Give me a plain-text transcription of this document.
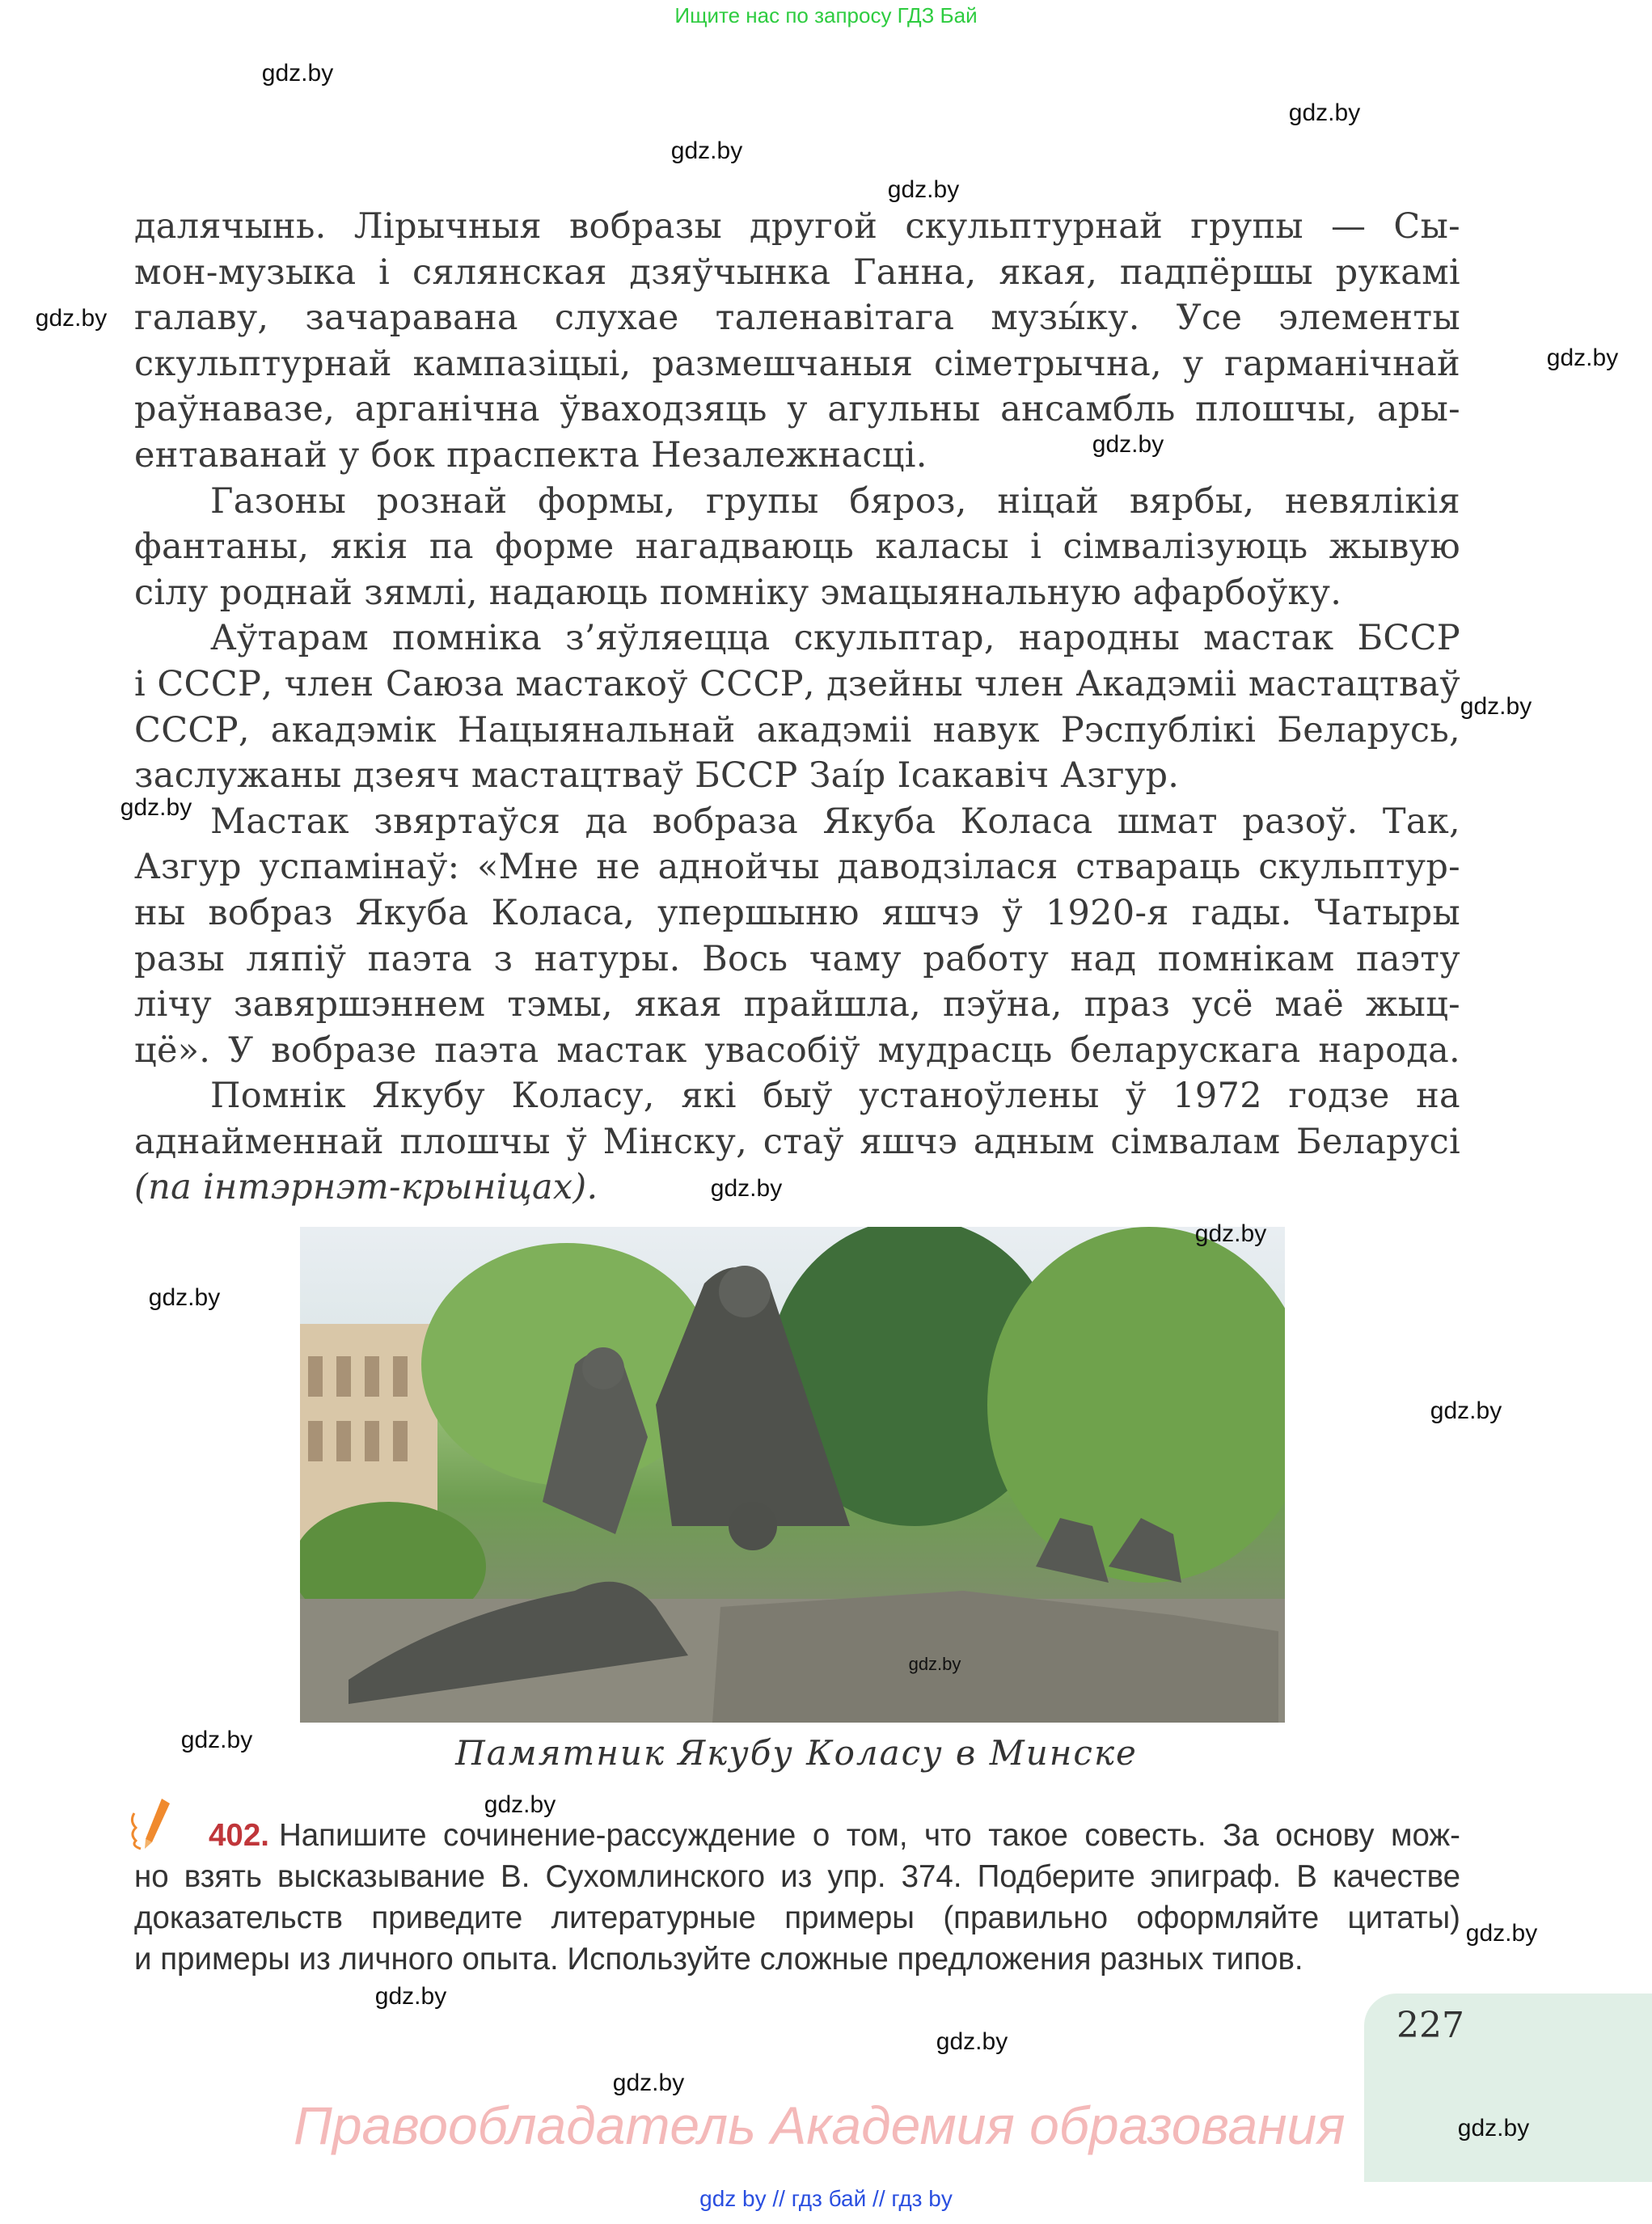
Ищите нас по запросу ГДЗ Бай
далячынь. Лірычныя вобразы другой скульптурнай групы — Сы-
мон-музыка і сялянская дзяўчынка Ганна, якая, падпёршы рукамі
галаву, зачаравана слухае таленавітага музы́ку. Усе элементы
скульптурнай кампазіцыі, размешчаныя сіметрычна, у гарманічнай
раўнавазе, арганічна ўваходзяць у агульны ансамбль плошчы, ары-
ентаванай у бок праспекта Незалежнасці.
Газоны рознай формы, групы бяроз, ніцай вярбы, невялікія
фантаны, якія па форме нагадваюць каласы і сімвалізуюць жывую
сілу роднай зямлі, надаюць помніку эмацыянальную афарбоўку.
Аўтарам помніка з’яўляецца скульптар, народны мастак БССР
і СССР, член Саюза мастакоў СССР, дзейны член Акадэміі мастацтваў
СССР, акадэмік Нацыянальнай акадэміі навук Рэспублікі Беларусь,
заслужаны дзеяч мастацтваў БССР Заі́р Ісакавіч Азгур.
Мастак звяртаўся да вобраза Якуба Коласа шмат разоў. Так,
Азгур успамінаў: «Мне не аднойчы даводзілася ствараць скульптур-
ны вобраз Якуба Коласа, упершыню яшчэ ў 1920-я гады. Чатыры
разы ляпіў паэта з натуры. Вось чаму работу над помнікам паэту
лічу завяршэннем тэмы, якая прайшла, пэўна, праз усё маё жыц-
цё». У вобразе паэта мастак увасобіў мудрасць беларускага народа.
Помнік Якубу Коласу, які быў устаноўлены ў 1972 годзе на
аднайменнай плошчы ў Мінску, стаў яшчэ адным сімвалам Беларусі
(па інтэрнэт-крыніцах).
Памятник Якубу Коласу в Минске
402. Напишите сочинение-рассуждение о том, что такое совесть. За основу мож-
но взять высказывание В. Сухомлинского из упр. 374. Подберите эпиграф. В качестве
доказательств приведите литературные примеры (правильно оформляйте цитаты)
и примеры из личного опыта. Используйте сложные предложения разных типов.
227
Правообладатель Академия образования
gdz by // гдз бай // гдз by
gdz.by
gdz.by
gdz.by
gdz.by
gdz.by
gdz.by
gdz.by
gdz.by
gdz.by
gdz.by
gdz.by
gdz.by
gdz.by
gdz.by
gdz.by
gdz.by
gdz.by
gdz.by
gdz.by
gdz.by
gdz.by
